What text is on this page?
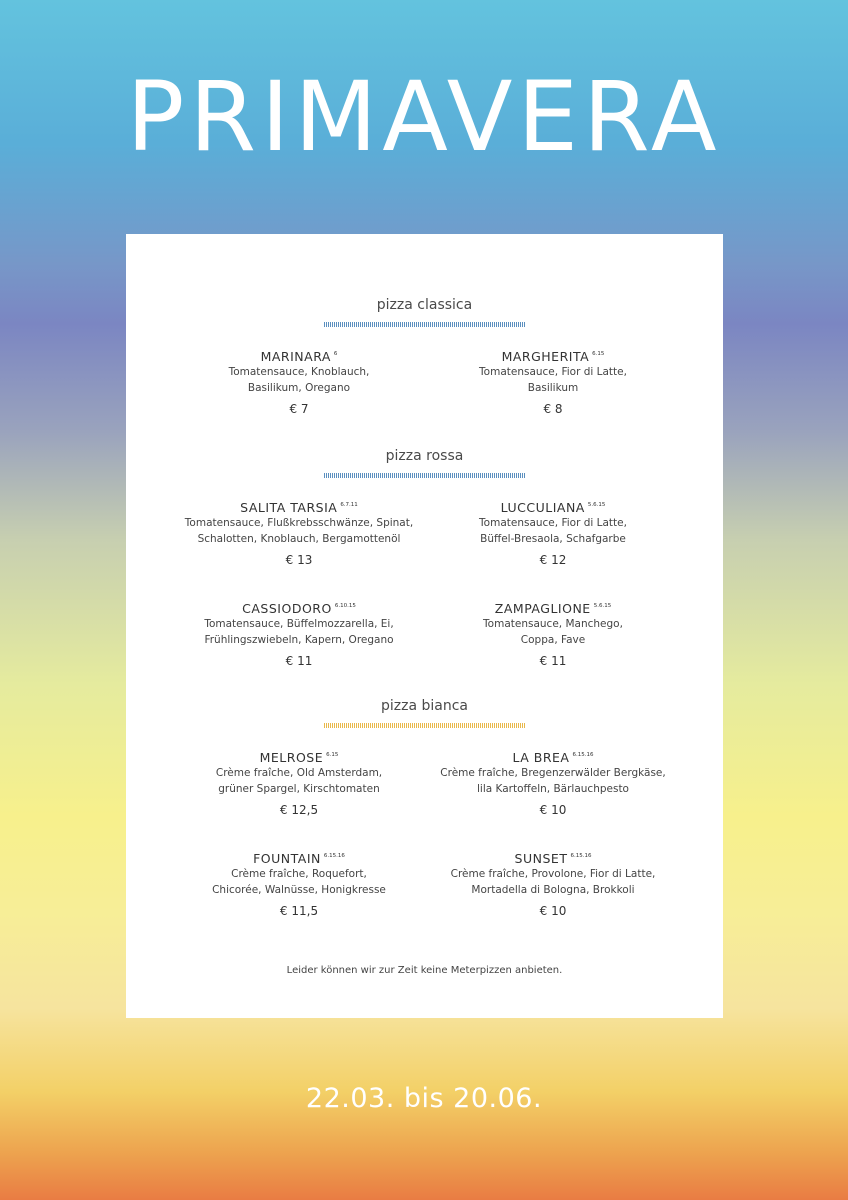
PRIMAVERA
pizza classica
MARINARA $^6$
Tomatensauce, Knoblauch,
Basilikum, Oregano
€ 7
MARGHERITA $^{6.15}$
Tomatensauce, Fior di Latte,
Basilikum
€ 8
pizza rossa
SALITA TARSIA $^{6.7.11}$
Tomatensauce, Flußkrebsschwänze, Spinat,
Schalotten, Knoblauch, Bergamottenöl
€ 13
LUCCULIANA $^{5.6.15}$
Tomatensauce, Fior di Latte,
Büffel-Bresaola, Schafgarbe
€ 12
CASSIODORO $^{6.10.15}$
Tomatensauce, Büffelmozzarella, Ei,
Frühlingszwiebeln, Kapern, Oregano
€ 11
ZAMPAGLIONE $^{5.6.15}$
Tomatensauce, Manchego,
Coppa, Fave
€ 11
pizza bianca
MELROSE $^{6.15}$
Crème fraîche, Old Amsterdam,
grüner Spargel, Kirschtomaten
€ 12,5
LA BREA $^{6.15.16}$
Crème fraîche, Bregenzerwälder Bergkäse,
lila Kartoffeln, Bärlauchpesto
€ 10
FOUNTAIN $^{6.15.16}$
Crème fraîche, Roquefort,
Chicorée, Walnüsse, Honigkresse
€ 11,5
SUNSET $^{6.15.16}$
Crème fraîche, Provolone, Fior di Latte,
Mortadella di Bologna, Brokkoli
€ 10
Leider können wir zur Zeit keine Meterpizzen anbieten.
22.03. bis 20.06.
